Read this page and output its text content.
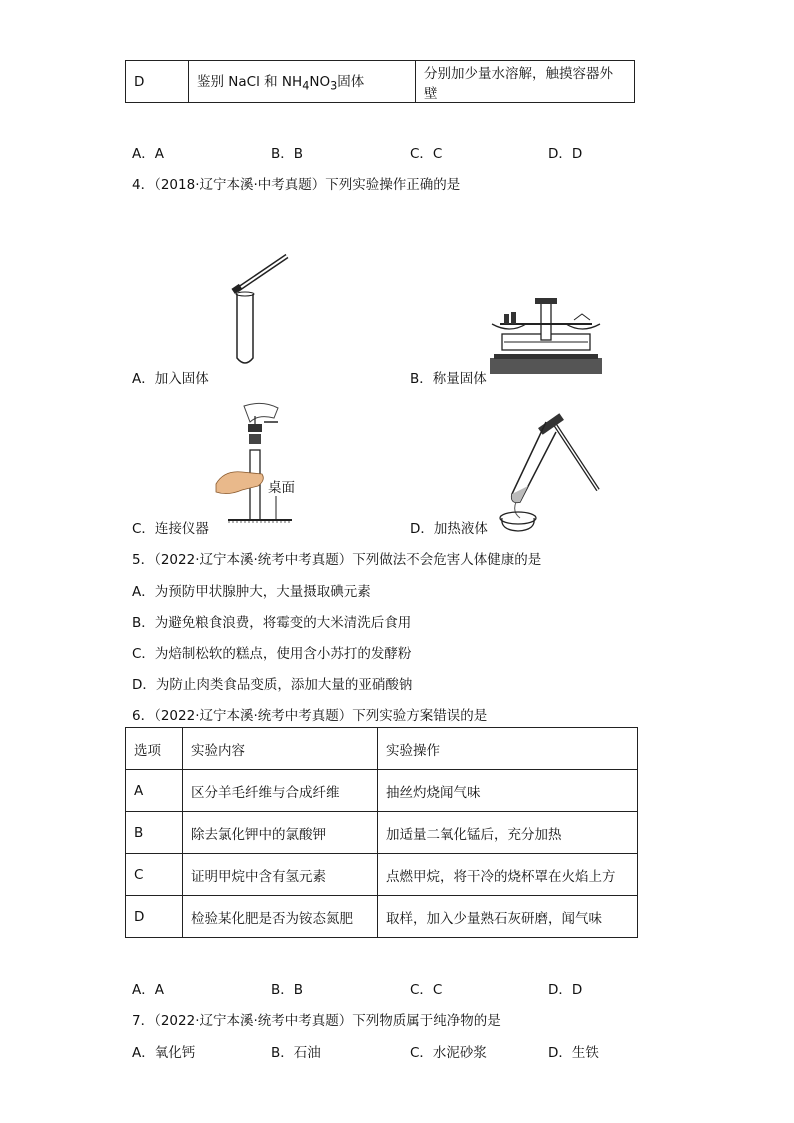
D	鉴别 NaCl 和 $NH_4NO_3$固体	分别加少量水溶解，触摸容器外壁
A．A	B．B	C．C	D．D
4．（2018·辽宁本溪·中考真题）下列实验操作正确的是
A．加入固体	B．称量固体
桌面
C．连接仪器	D．加热液体
5．（2022·辽宁本溪·统考中考真题）下列做法不会危害人体健康的是
A．为预防甲状腺肿大，大量摄取碘元素
B．为避免粮食浪费，将霉变的大米清洗后食用
C．为焙制松软的糕点，使用含小苏打的发酵粉
D．为防止肉类食品变质，添加大量的亚硝酸钠
6．（2022·辽宁本溪·统考中考真题）下列实验方案错误的是
选项	实验内容	实验操作
A	区分羊毛纤维与合成纤维	抽丝灼烧闻气味
B	除去氯化钾中的氯酸钾	加适量二氧化锰后，充分加热
C	证明甲烷中含有氢元素	点燃甲烷，将干冷的烧杯罩在火焰上方
D	检验某化肥是否为铵态氮肥	取样，加入少量熟石灰研磨，闻气味
A．A	B．B	C．C	D．D
7．（2022·辽宁本溪·统考中考真题）下列物质属于纯净物的是
A．氧化钙	B．石油	C．水泥砂浆	D．生铁
